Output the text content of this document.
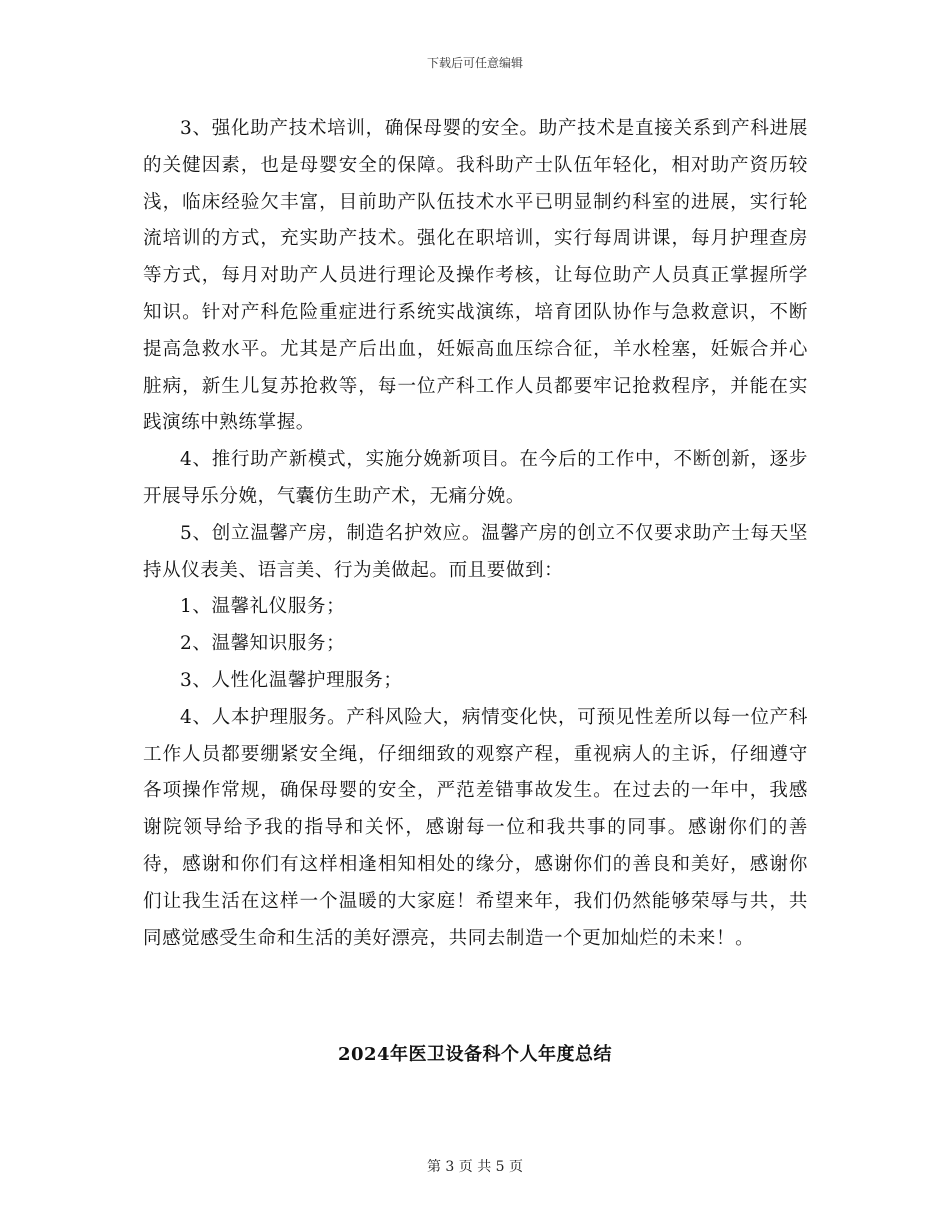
下载后可任意编辑

3、强化助产技术培训，确保母婴的安全。助产技术是直接关系到产科进展的关健因素，也是母婴安全的保障。我科助产士队伍年轻化，相对助产资历较浅，临床经验欠丰富，目前助产队伍技术水平已明显制约科室的进展，实行轮流培训的方式，充实助产技术。强化在职培训，实行每周讲课，每月护理查房等方式，每月对助产人员进行理论及操作考核，让每位助产人员真正掌握所学知识。针对产科危险重症进行系统实战演练，培育团队协作与急救意识，不断提高急救水平。尤其是产后出血，妊娠高血压综合征，羊水栓塞，妊娠合并心脏病，新生儿复苏抢救等，每一位产科工作人员都要牢记抢救程序，并能在实践演练中熟练掌握。

4、推行助产新模式，实施分娩新项目。在今后的工作中，不断创新，逐步开展导乐分娩，气囊仿生助产术，无痛分娩。

5、创立温馨产房，制造名护效应。温馨产房的创立不仅要求助产士每天坚持从仪表美、语言美、行为美做起。而且要做到：

1、温馨礼仪服务；

2、温馨知识服务；

3、人性化温馨护理服务；

4、人本护理服务。产科风险大，病情变化快，可预见性差所以每一位产科工作人员都要绷紧安全绳，仔细细致的观察产程，重视病人的主诉，仔细遵守各项操作常规，确保母婴的安全，严范差错事故发生。在过去的一年中，我感谢院领导给予我的指导和关怀，感谢每一位和我共事的同事。感谢你们的善待，感谢和你们有这样相逢相知相处的缘分，感谢你们的善良和美好，感谢你们让我生活在这样一个温暖的大家庭！希望来年，我们仍然能够荣辱与共，共同感觉感受生命和生活的美好漂亮，共同去制造一个更加灿烂的未来！。

2024年医卫设备科个人年度总结
第 3 页 共 5 页
